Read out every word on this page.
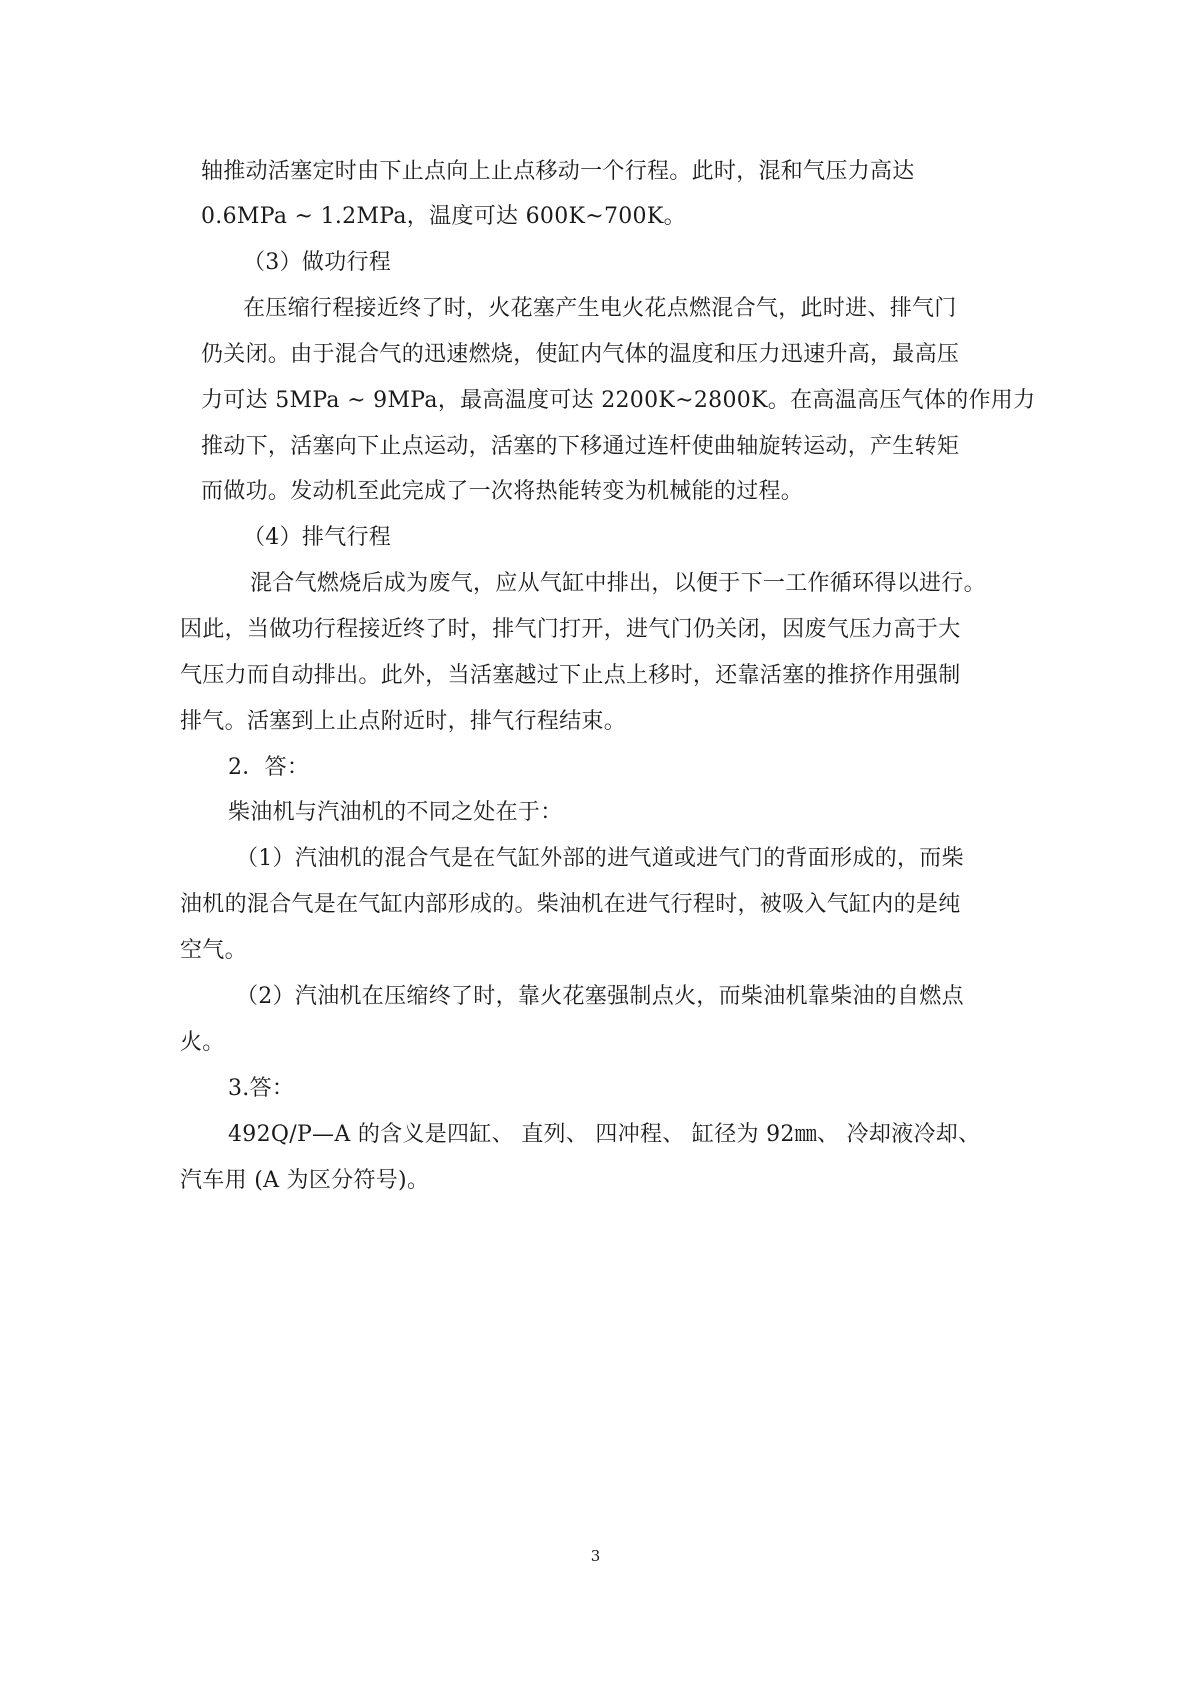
轴推动活塞定时由下止点向上止点移动一个行程。此时，混和气压力高达
0.6MPa ~ 1.2MPa，温度可达 600K~700K。
（3）做功行程
在压缩行程接近终了时，火花塞产生电火花点燃混合气，此时进、排气门
仍关闭。由于混合气的迅速燃烧，使缸内气体的温度和压力迅速升高，最高压
力可达 5MPa ~ 9MPa，最高温度可达 2200K~2800K。在高温高压气体的作用力
推动下，活塞向下止点运动，活塞的下移通过连杆使曲轴旋转运动，产生转矩
而做功。发动机至此完成了一次将热能转变为机械能的过程。
（4）排气行程
混合气燃烧后成为废气，应从气缸中排出，以便于下一工作循环得以进行。
因此，当做功行程接近终了时，排气门打开，进气门仍关闭，因废气压力高于大
气压力而自动排出。此外，当活塞越过下止点上移时，还靠活塞的推挤作用强制
排气。活塞到上止点附近时，排气行程结束。
2．答：
柴油机与汽油机的不同之处在于：
（1）汽油机的混合气是在气缸外部的进气道或进气门的背面形成的，而柴
油机的混合气是在气缸内部形成的。柴油机在进气行程时，被吸入气缸内的是纯
空气。
（2）汽油机在压缩终了时，靠火花塞强制点火，而柴油机靠柴油的自燃点
火。
3.答：
492Q/P—A 的含义是四缸、 直列、 四冲程、 缸径为 92㎜、 冷却液冷却、
汽车用 (A 为区分符号)。
3
